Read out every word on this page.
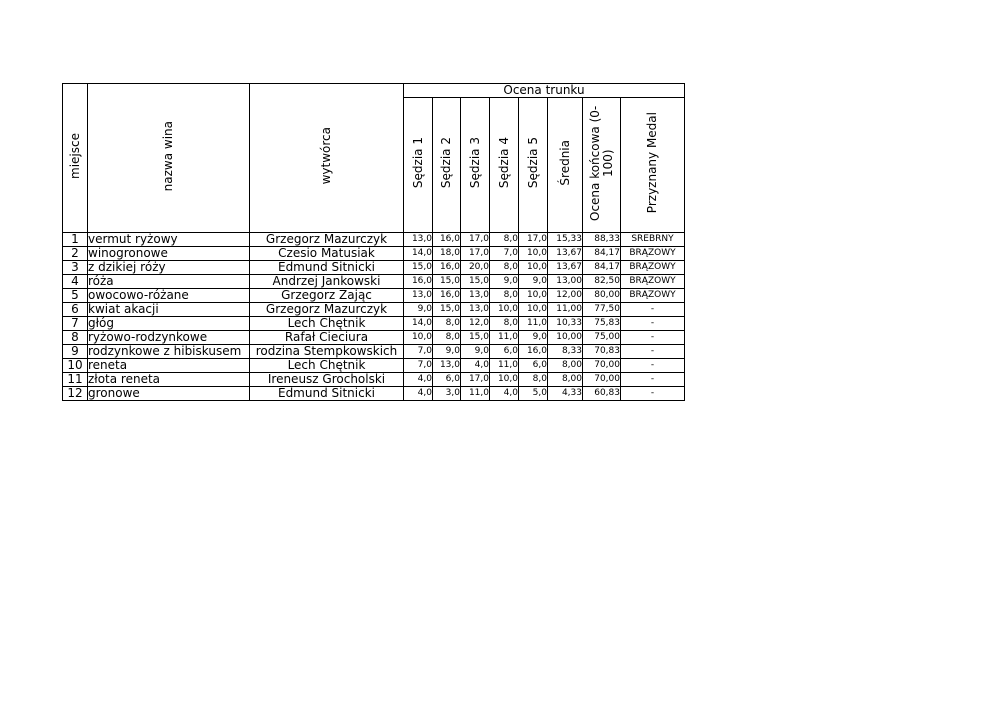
miejsce	nazwa wina	wytwórca	Ocena trunku							
			Sędzia 1	Sędzia 2	Sędzia 3	Sędzia 4	Sędzia 5	Średnia	Ocena końcowa (0-100)	Przyznany Medal
1	vermut ryżowy	Grzegorz Mazurczyk	13,0	16,0	17,0	8,0	17,0	15,33	88,33	SREBRNY
2	winogronowe	Czesio Matusiak	14,0	18,0	17,0	7,0	10,0	13,67	84,17	BRĄZOWY
3	z dzikiej róży	Edmund Sitnicki	15,0	16,0	20,0	8,0	10,0	13,67	84,17	BRĄZOWY
4	róża	Andrzej Jankowski	16,0	15,0	15,0	9,0	9,0	13,00	82,50	BRĄZOWY
5	owocowo-różane	Grzegorz Zając	13,0	16,0	13,0	8,0	10,0	12,00	80,00	BRĄZOWY
6	kwiat akacji	Grzegorz Mazurczyk	9,0	15,0	13,0	10,0	10,0	11,00	77,50	-
7	głóg	Lech Chętnik	14,0	8,0	12,0	8,0	11,0	10,33	75,83	-
8	ryżowo-rodzynkowe	Rafał Cieciura	10,0	8,0	15,0	11,0	9,0	10,00	75,00	-
9	rodzynkowe z hibiskusem	rodzina Stempkowskich	7,0	9,0	9,0	6,0	16,0	8,33	70,83	-
10	reneta	Lech Chętnik	7,0	13,0	4,0	11,0	6,0	8,00	70,00	-
11	złota reneta	Ireneusz Grocholski	4,0	6,0	17,0	10,0	8,0	8,00	70,00	-
12	gronowe	Edmund Sitnicki	4,0	3,0	11,0	4,0	5,0	4,33	60,83	-
